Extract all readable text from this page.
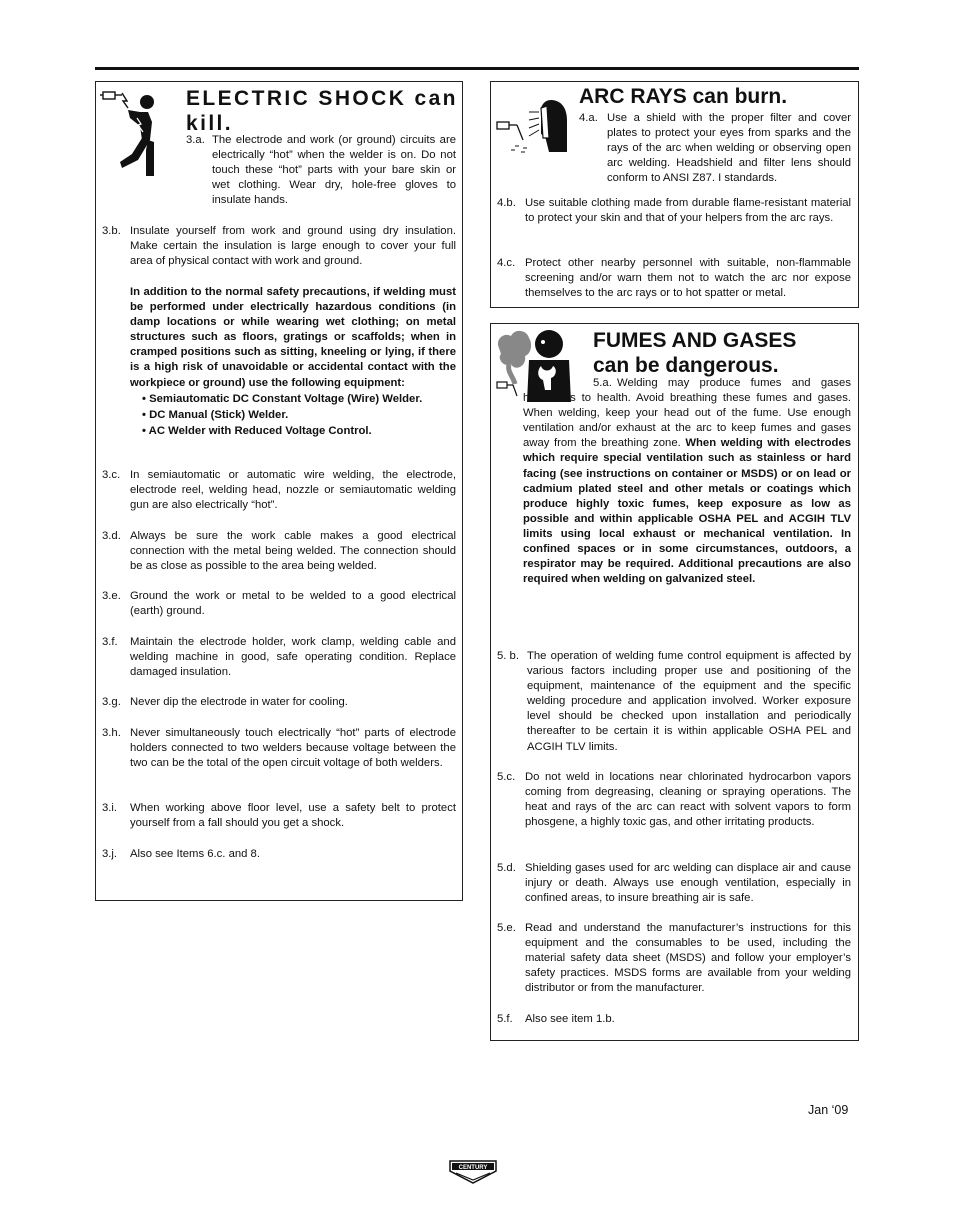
ELECTRIC SHOCK can kill.
3.a. The electrode and work (or ground) circuits are electrically “hot” when the welder is on. Do not touch these “hot” parts with your bare skin or wet clothing. Wear dry, hole-free gloves to insulate hands.
3.b. Insulate yourself from work and ground using dry insulation. Make certain the insulation is large enough to cover your full area of physical contact with work and ground.
In addition to the normal safety precautions, if welding must be performed under electrically hazardous conditions (in damp locations or while wearing wet clothing; on metal structures such as floors, gratings or scaffolds; when in cramped positions such as sitting, kneeling or lying, if there is a high risk of unavoidable or accidental contact with the workpiece or ground) use the following equipment:
• Semiautomatic DC Constant Voltage (Wire) Welder.
• DC Manual (Stick) Welder.
• AC Welder with Reduced Voltage Control.
3.c. In semiautomatic or automatic wire welding, the electrode, electrode reel, welding head, nozzle or semiautomatic welding gun are also electrically “hot”.
3.d. Always be sure the work cable makes a good electrical connection with the metal being welded. The connection should be as close as possible to the area being welded.
3.e. Ground the work or metal to be welded to a good electrical (earth) ground.
3.f.	Maintain the electrode holder, work clamp, welding cable and welding machine in good, safe operating condition. Replace damaged insulation.
3.g. Never dip the electrode in water for cooling.
3.h. Never simultaneously touch electrically “hot” parts of electrode holders connected to two welders because voltage between the two can be the total of the open circuit voltage of both welders.
3.i.	When working above floor level, use a safety belt to protect yourself from a fall should you get a shock.
3.j.	Also see Items 6.c. and 8.
ARC RAYS can burn.
4.a. Use a shield with the proper filter and cover plates to protect your eyes from sparks and the rays of the arc when welding or observing open arc welding. Headshield and filter lens should conform to ANSI Z87. I standards.
4.b. Use suitable clothing made from durable flame-resistant material to protect your skin and that of your helpers from the arc rays.
4.c. Protect other nearby personnel with suitable, non-flammable screening and/or warn them not to watch the arc nor expose themselves to the arc rays or to hot spatter or metal.
FUMES AND GASES
can be dangerous.
5.a. Welding may produce fumes and gases hazardous to health. Avoid breathing these fumes and gases. When welding, keep your head out of the fume. Use enough ventilation and/or exhaust at the arc to keep fumes and gases away from the breathing zone. When welding with electrodes which require special ventilation such as stainless or hard facing (see instructions on container or MSDS) or on lead or cadmium plated steel and other metals or coatings which produce highly toxic fumes, keep exposure as low as possible and within applicable OSHA PEL and ACGIH TLV limits using local exhaust or mechanical ventilation. In confined spaces or in some circumstances, outdoors, a respirator may be required. Additional precautions are also required when welding on galvanized steel.
5. b. The operation of welding fume control equipment is affected by various factors including proper use and positioning of the equipment, maintenance of the equipment and the specific welding procedure and application involved. Worker exposure level should be checked upon installation and periodically thereafter to be certain it is within applicable OSHA PEL and ACGIH TLV limits.
5.c. Do not weld in locations near chlorinated hydrocarbon vapors coming from degreasing, cleaning or spraying operations. The heat and rays of the arc can react with solvent vapors to form phosgene, a highly toxic gas, and other irritating products.
5.d. Shielding gases used for arc welding can displace air and cause injury or death. Always use enough ventilation, especially in confined areas, to insure breathing air is safe.
5.e. Read and understand the manufacturer’s instructions for this equipment and the consumables to be used, including the material safety data sheet (MSDS) and follow your employer’s safety practices. MSDS forms are available from your welding distributor or from the manufacturer.
5.f.	Also see item 1.b.
Jan ‘09
CENTURY
